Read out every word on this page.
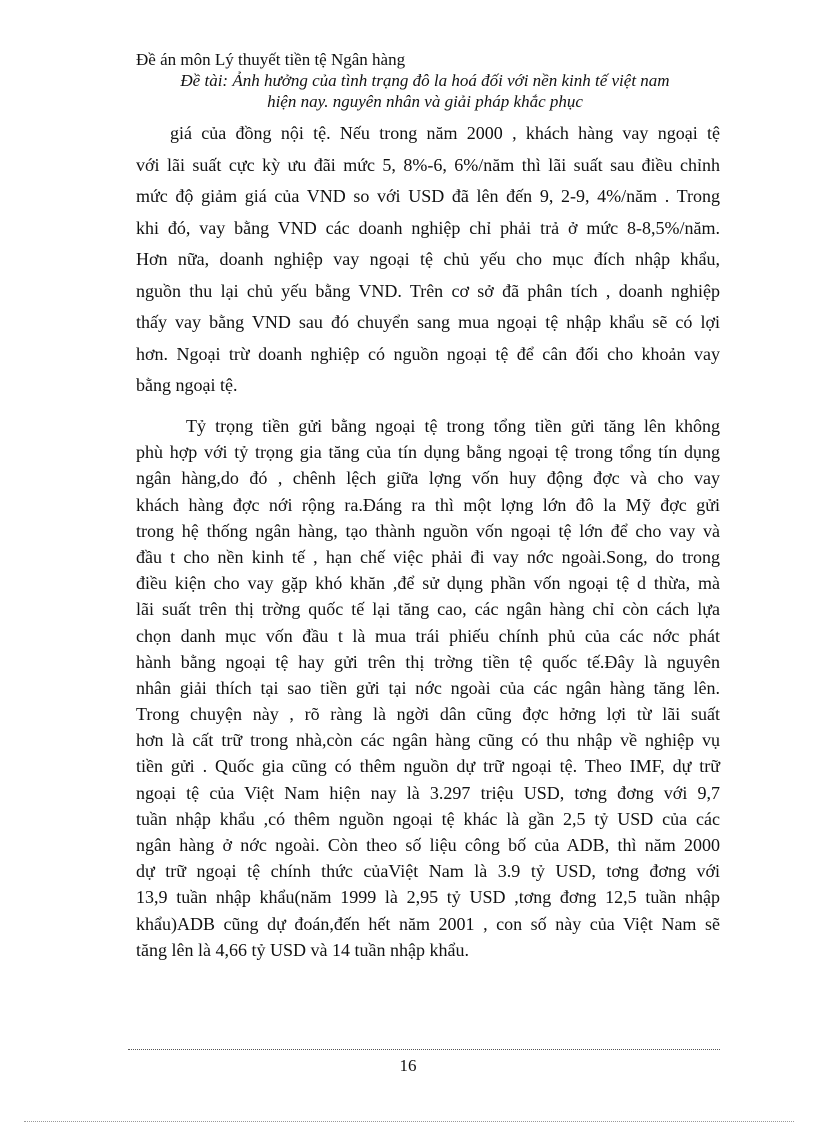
Đề án môn Lý thuyết tiền tệ Ngân hàng
Đề tài: Ảnh hưởng của tình trạng đô la hoá đối với nền kinh tế việt nam
hiện nay. nguyên nhân và giải pháp khắc phục
giá của đồng nội tệ. Nếu trong năm 2000 , khách hàng vay ngoại tệ
với lãi suất cực kỳ ưu đãi mức 5, 8%-6, 6%/năm thì lãi suất sau điều chỉnh
mức độ giảm giá của VND so với USD đã lên đến 9, 2-9, 4%/năm . Trong
khi đó, vay bằng VND các doanh nghiệp chỉ phải trả ở mức 8-8,5%/năm.
Hơn nữa, doanh nghiệp vay ngoại tệ chủ yếu cho mục đích nhập khẩu,
nguồn thu lại chủ yếu bằng VND. Trên cơ sở đã phân tích , doanh nghiệp
thấy vay bằng VND sau đó chuyển sang mua ngoại tệ nhập khẩu sẽ có lợi
hơn. Ngoại trừ doanh nghiệp có nguồn ngoại tệ để cân đối cho khoản vay
bằng ngoại tệ.
Tỷ trọng tiền gửi bằng ngoại tệ trong tổng tiền gửi tăng lên không
phù hợp với tỷ trọng gia tăng của tín dụng bằng ngoại tệ trong tổng tín dụng
ngân hàng,do đó , chênh lệch giữa lợng vốn huy động đợc và cho vay
khách hàng đợc nới rộng ra.Đáng ra thì một lợng lớn đô la Mỹ đợc gửi
trong hệ thống ngân hàng, tạo thành nguồn vốn ngoại tệ lớn để cho vay và
đầu t cho nền kinh tế , hạn chế việc phải đi vay nớc ngoài.Song, do trong
điều kiện cho vay gặp khó khăn ,để sử dụng phần vốn ngoại tệ d thừa, mà
lãi suất trên thị trờng quốc tế lại tăng cao, các ngân hàng chỉ còn cách lựa
chọn danh mục vốn đầu t là mua trái phiếu chính phủ của các nớc phát
hành bằng ngoại tệ hay gửi trên thị trờng tiền tệ quốc tế.Đây là nguyên
nhân giải thích tại sao tiền gửi tại nớc ngoài của các ngân hàng tăng lên.
Trong chuyện này , rõ ràng là ngời dân cũng đợc hởng lợi từ lãi suất
hơn là cất trữ trong nhà,còn các ngân hàng cũng có thu nhập về nghiệp vụ
tiền gửi . Quốc gia cũng có thêm nguồn dự trữ ngoại tệ. Theo IMF, dự trữ
ngoại tệ của Việt Nam hiện nay là 3.297 triệu USD, tơng đơng với 9,7
tuần nhập khẩu ,có thêm nguồn ngoại tệ khác là gần 2,5 tỷ USD của các
ngân hàng ở nớc ngoài. Còn theo số liệu công bố của ADB, thì năm 2000
dự trữ ngoại tệ chính thức củaViệt Nam là 3.9 tỷ USD, tơng đơng với
13,9 tuần nhập khẩu(năm 1999 là 2,95 tỷ USD ,tơng đơng 12,5 tuần nhập
khẩu)ADB cũng dự đoán,đến hết năm 2001 , con số này của Việt Nam sẽ
tăng lên là 4,66 tỷ USD và 14 tuần nhập khẩu.
16
